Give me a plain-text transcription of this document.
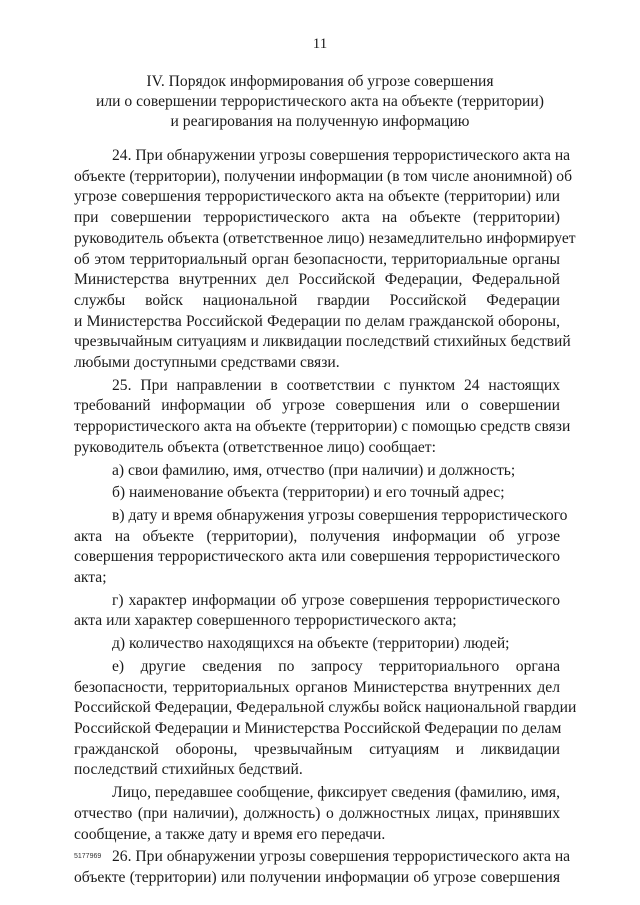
11
IV. Порядок информирования об угрозе совершения
или о совершении террористического акта на объекте (территории)
и реагирования на полученную информацию
24. При обнаружении угрозы совершения террористического акта на
объекте (территории), получении информации (в том числе анонимной) об
угрозе совершения террористического акта на объекте (территории) или
при совершении террористического акта на объекте (территории)
руководитель объекта (ответственное лицо) незамедлительно информирует
об этом территориальный орган безопасности, территориальные органы
Министерства внутренних дел Российской Федерации, Федеральной
службы войск национальной гвардии Российской Федерации
и Министерства Российской Федерации по делам гражданской обороны,
чрезвычайным ситуациям и ликвидации последствий стихийных бедствий
любыми доступными средствами связи.
25. При направлении в соответствии с пунктом 24 настоящих
требований информации об угрозе совершения или о совершении
террористического акта на объекте (территории) с помощью средств связи
руководитель объекта (ответственное лицо) сообщает:
а) свои фамилию, имя, отчество (при наличии) и должность;
б) наименование объекта (территории) и его точный адрес;
в) дату и время обнаружения угрозы совершения террористического
акта на объекте (территории), получения информации об угрозе
совершения террористического акта или совершения террористического
акта;
г) характер информации об угрозе совершения террористического
акта или характер совершенного террористического акта;
д) количество находящихся на объекте (территории) людей;
е) другие сведения по запросу территориального органа
безопасности, территориальных органов Министерства внутренних дел
Российской Федерации, Федеральной службы войск национальной гвардии
Российской Федерации и Министерства Российской Федерации по делам
гражданской обороны, чрезвычайным ситуациям и ликвидации
последствий стихийных бедствий.
Лицо, передавшее сообщение, фиксирует сведения (фамилию, имя,
отчество (при наличии), должность) о должностных лицах, принявших
сообщение, а также дату и время его передачи.
26. При обнаружении угрозы совершения террористического акта на
объекте (территории) или получении информации об угрозе совершения
5177969
